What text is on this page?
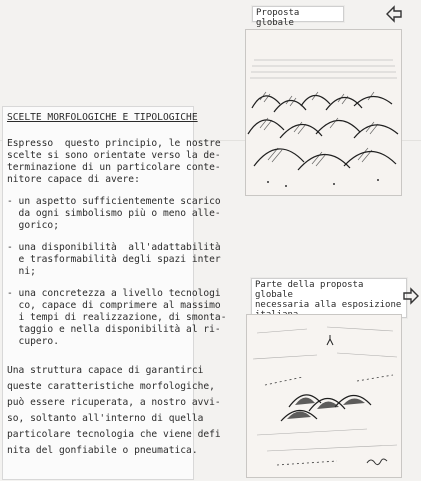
Proposta globale
Parte della proposta globale
necessaria alla esposizione
SCELTE MORFOLOGICHE E TIPOLOGICHE
Espresso  questo principio, le nostre
scelte si sono orientate verso la de-
terminazione di un particolare conte-
nitore capace di avere:
- un aspetto sufficientemente scarico
da ogni simbolismo più o meno alle-
gorico;
- una disponibilità  all'adattabilità
e trasformabilità degli spazi inter
ni;
- una concretezza a livello tecnologi
co, capace di comprimere al massimo
i tempi di realizzazione, di smonta-
taggio e nella disponibilità al ri-
cupero.
Una struttura capace di garantirci
queste caratteristiche morfologiche,
può essere ricuperata, a nostro avvi-
so, soltanto all'interno di quella
particolare tecnologia che viene defi
nita del gonfiabile o pneumatica.
